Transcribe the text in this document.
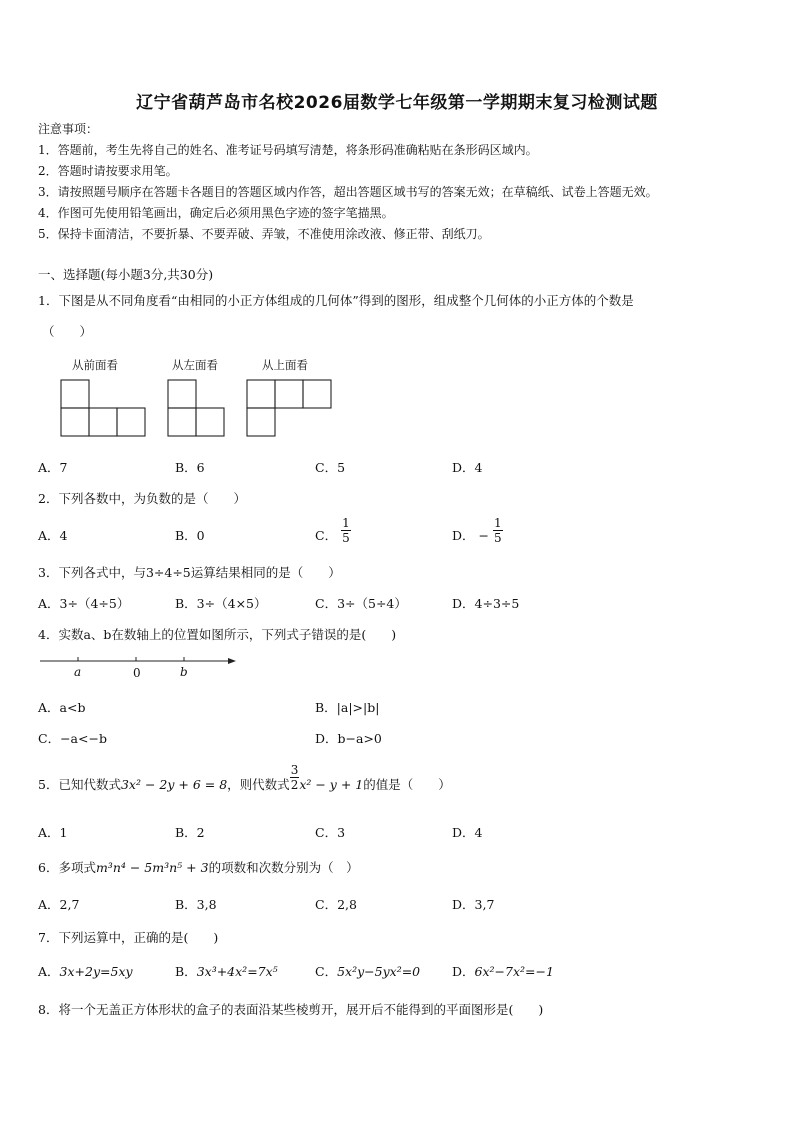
辽宁省葫芦岛市名校2026届数学七年级第一学期期末复习检测试题
注意事项：
1．答题前，考生先将自己的姓名、准考证号码填写清楚，将条形码准确粘贴在条形码区域内。
2．答题时请按要求用笔。
3．请按照题号顺序在答题卡各题目的答题区域内作答，超出答题区域书写的答案无效；在草稿纸、试卷上答题无效。
4．作图可先使用铅笔画出，确定后必须用黑色字迹的签字笔描黑。
5．保持卡面清洁，不要折暴、不要弄破、弄皱，不准使用涂改液、修正带、刮纸刀。
一、选择题(每小题3分,共30分)
1．下图是从不同角度看“由相同的小正方体组成的几何体”得到的图形，组成整个几何体的小正方体的个数是
（　　）
从前面看	从左面看	从上面看
A．7	B．6	C．5	D．4
2．下列各数中，为负数的是（　　）
A．4	B．0	C． $\frac{1}{5}$	D． − $\frac{1}{5}$
3．下列各式中，与3÷4÷5运算结果相同的是（　　）
A．3÷（4÷5）	B．3÷（4×5）	C．3÷（5÷4）	D．4÷3÷5
4．实数a、b在数轴上的位置如图所示，下列式子错误的是(　　)
a	0	b
A．a<b	B．|a|>|b|
C．−a<−b	D．b−a>0
5．已知代数式3x² − 2y + 6 = 8，则代数式 $\frac{3}{2} x^2 - y + 1$的值是（　　）
A．1	B．2	C．3	D．4
6．多项式m³n⁴ − 5m³n⁵ + 3的项数和次数分别为（　）
A．2,7	B．3,8	C．2,8	D．3,7
7．下列运算中，正确的是(　　)
A．3x+2y=5xy	B．3x³+4x²=7x⁵	C．5x²y−5yx²=0	D．6x²−7x²=−1
8．将一个无盖正方体形状的盒子的表面沿某些棱剪开，展开后不能得到的平面图形是(　　)
